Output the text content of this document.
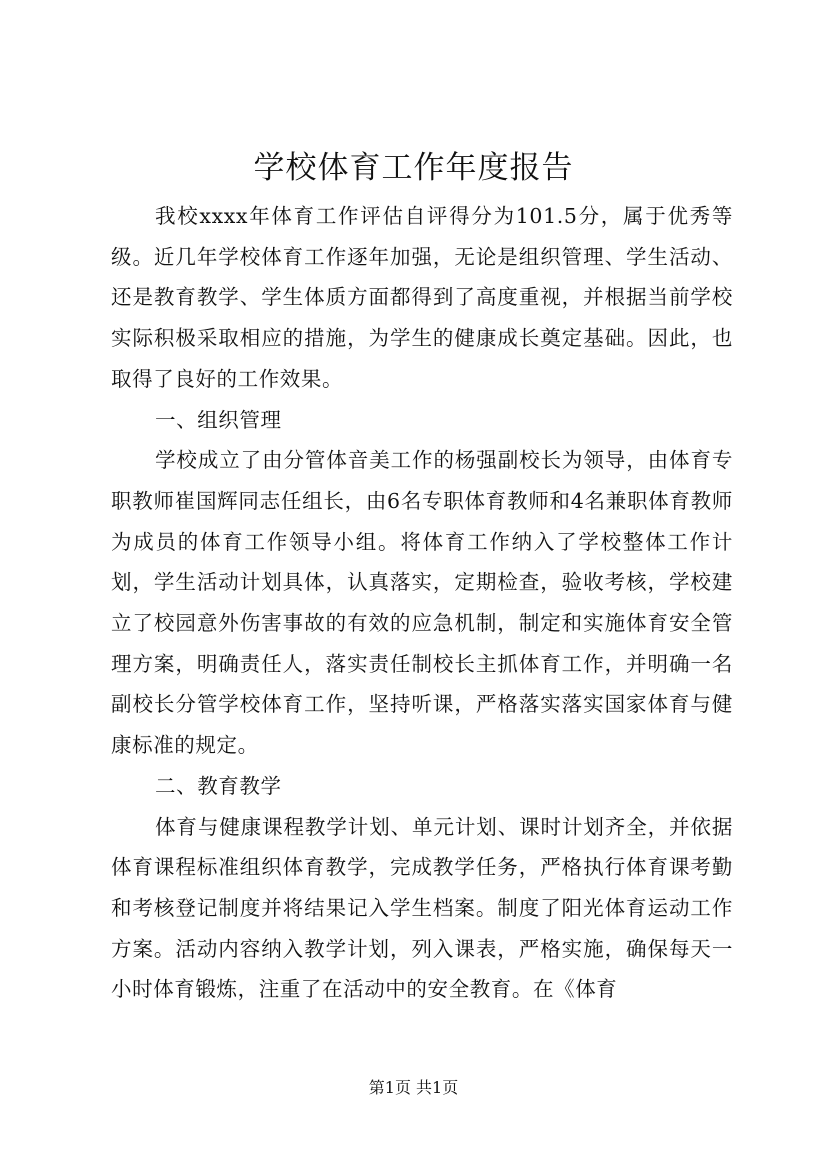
学校体育工作年度报告

我校xxxx年体育工作评估自评得分为101.5分，属于优秀等级。近几年学校体育工作逐年加强，无论是组织管理、学生活动、还是教育教学、学生体质方面都得到了高度重视，并根据当前学校实际积极采取相应的措施，为学生的健康成长奠定基础。因此，也取得了良好的工作效果。

一、组织管理

学校成立了由分管体音美工作的杨强副校长为领导，由体育专职教师崔国辉同志任组长，由6名专职体育教师和4名兼职体育教师为成员的体育工作领导小组。将体育工作纳入了学校整体工作计划，学生活动计划具体，认真落实，定期检查，验收考核，学校建立了校园意外伤害事故的有效的应急机制，制定和实施体育安全管理方案，明确责任人，落实责任制校长主抓体育工作，并明确一名副校长分管学校体育工作，坚持听课，严格落实落实国家体育与健康标准的规定。

二、教育教学

体育与健康课程教学计划、单元计划、课时计划齐全，并依据体育课程标准组织体育教学，完成教学任务，严格执行体育课考勤和考核登记制度并将结果记入学生档案。制度了阳光体育运动工作方案。活动内容纳入教学计划，列入课表，严格实施，确保每天一小时体育锻炼，注重了在活动中的安全教育。在《体育

第1页 共1页
